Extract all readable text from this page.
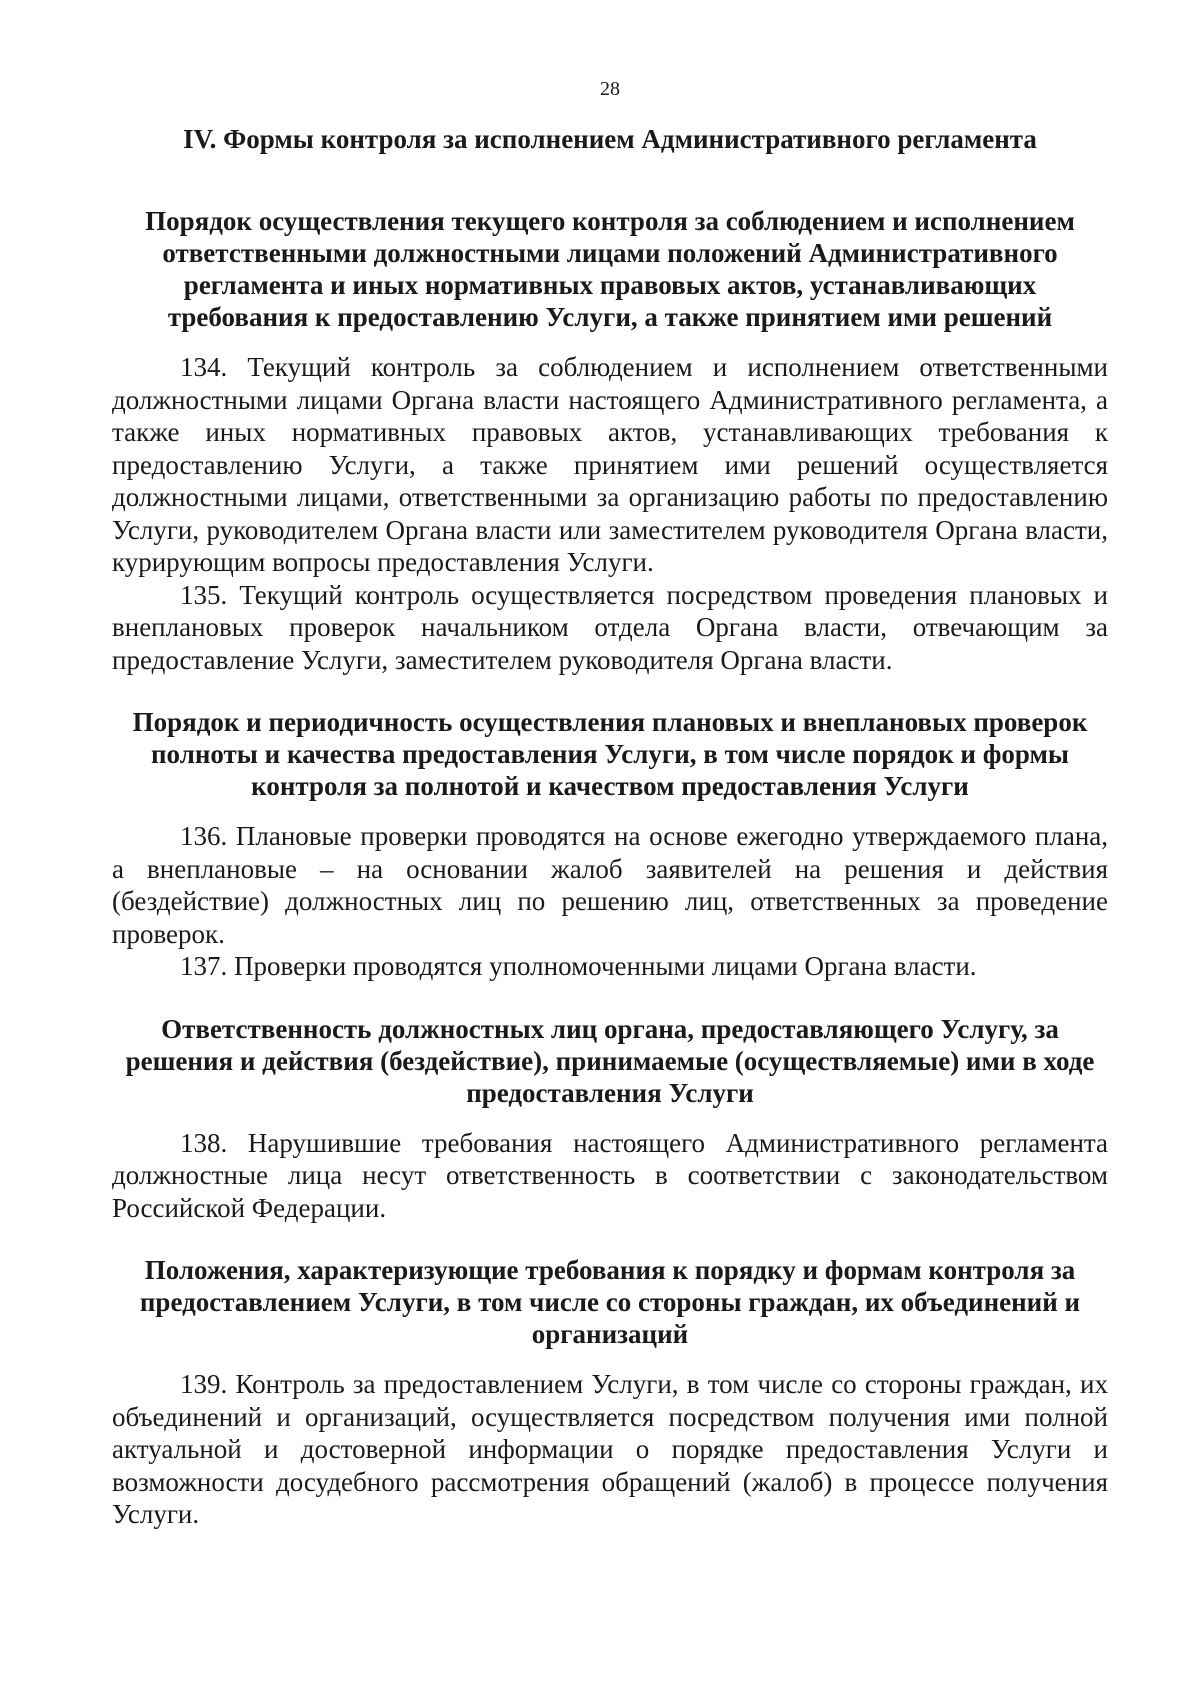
28
IV. Формы контроля за исполнением Административного регламента
Порядок осуществления текущего контроля за соблюдением и исполнением
ответственными должностными лицами положений Административного
регламента и иных нормативных правовых актов, устанавливающих
требования к предоставлению Услуги, а также принятием ими решений

134. Текущий контроль за соблюдением и исполнением ответственными должностными лицами Органа власти настоящего Административного регламента, а также иных нормативных правовых актов, устанавливающих требования к предоставлению Услуги, а также принятием ими решений осуществляется должностными лицами, ответственными за организацию работы по предоставлению Услуги, руководителем Органа власти или заместителем руководителя Органа власти, курирующим вопросы предоставления Услуги.

135. Текущий контроль осуществляется посредством проведения плановых и внеплановых проверок начальником отдела Органа власти, отвечающим за предоставление Услуги, заместителем руководителя Органа власти.

Порядок и периодичность осуществления плановых и внеплановых проверок
полноты и качества предоставления Услуги, в том числе порядок и формы
контроля за полнотой и качеством предоставления Услуги

136. Плановые проверки проводятся на основе ежегодно утверждаемого плана, а внеплановые – на основании жалоб заявителей на решения и действия (бездействие) должностных лиц по решению лиц, ответственных за проведение проверок.

137. Проверки проводятся уполномоченными лицами Органа власти.

Ответственность должностных лиц органа, предоставляющего Услугу, за
решения и действия (бездействие), принимаемые (осуществляемые) ими в ходе
предоставления Услуги

138. Нарушившие требования настоящего Административного регламента должностные лица несут ответственность в соответствии с законодательством Российской Федерации.

Положения, характеризующие требования к порядку и формам контроля за
предоставлением Услуги, в том числе со стороны граждан, их объединений и
организаций

139. Контроль за предоставлением Услуги, в том числе со стороны граждан, их объединений и организаций, осуществляется посредством получения ими полной актуальной и достоверной информации о порядке предоставления Услуги и возможности досудебного рассмотрения обращений (жалоб) в процессе получения Услуги.
